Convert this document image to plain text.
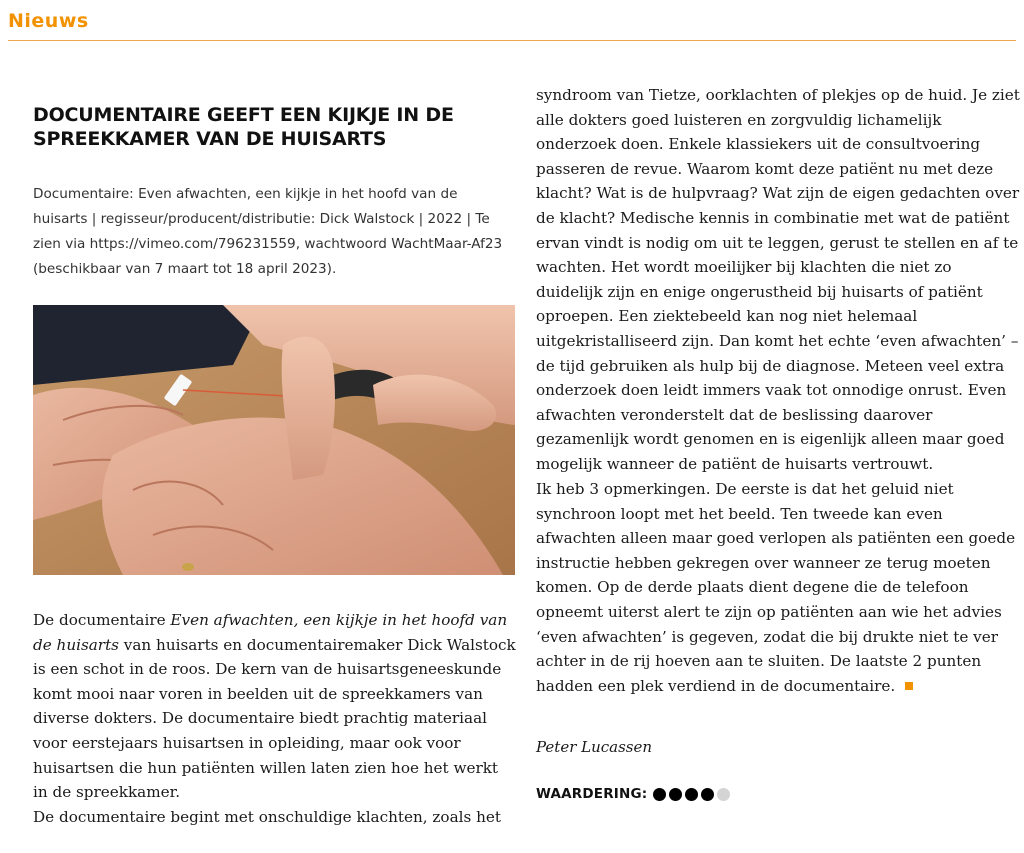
Nieuws
DOCUMENTAIRE GEEFT EEN KIJKJE IN DE SPREEKKAMER VAN DE HUISARTS

Documentaire: Even afwachten, een kijkje in het hoofd van de huisarts | regisseur/producent/distributie: Dick Walstock | 2022 | Te zien via https://vimeo.com/796231559, wachtwoord WachtMaar-Af23 (beschikbaar van 7 maart tot 18 april 2023).

De documentaire Even afwachten, een kijkje in het hoofd van de huisarts van huisarts en documentairemaker Dick Walstock is een schot in de roos. De kern van de huisartsgeneeskunde komt mooi naar voren in beelden uit de spreekkamers van diverse dokters. De documentaire biedt prachtig materiaal voor eerstejaars huisartsen in opleiding, maar ook voor huisartsen die hun patiënten willen laten zien hoe het werkt in de spreekkamer.
De documentaire begint met onschuldige klachten, zoals het

Ik heb 3 opmerkingen. De eerste is dat het geluid niet synchroon loopt met het beeld. Ten tweede kan even afwachten alleen maar goed verlopen als patiënten een goede instructie hebben gekregen over wanneer ze terug moeten komen. Op de derde plaats dient degene die de telefoon opneemt uiterst alert te zijn op patiënten aan wie het advies ‘even afwachten’ is gegeven, zodat die bij drukte niet te ver achter in de rij hoeven aan te sluiten. De laatste 2 punten hadden een plek verdiend in de documentaire.

Peter Lucassen
WAARDERING:

syndroom van Tietze, oorklachten of plekjes op de huid. Je ziet alle dokters goed luisteren en zorgvuldig lichamelijk onderzoek doen. Enkele klassiekers uit de consultvoering passeren de revue. Waarom komt deze patiënt nu met deze klacht? Wat is de hulpvraag? Wat zijn de eigen gedachten over de klacht? Medische kennis in combinatie met wat de patiënt ervan vindt is nodig om uit te leggen, gerust te stellen en af te wachten. Het wordt moeilijker bij klachten die niet zo duidelijk zijn en enige ongerustheid bij huisarts of patiënt oproepen. Een ziektebeeld kan nog niet helemaal uitgekristalliseerd zijn. Dan komt het echte ‘even afwachten’ – de tijd gebruiken als hulp bij de diagnose. Meteen veel extra onderzoek doen leidt immers vaak tot onnodige onrust. Even afwachten veronderstelt dat de beslissing daarover gezamenlijk wordt genomen en is eigenlijk alleen maar goed mogelijk wanneer de patiënt de huisarts vertrouwt.
